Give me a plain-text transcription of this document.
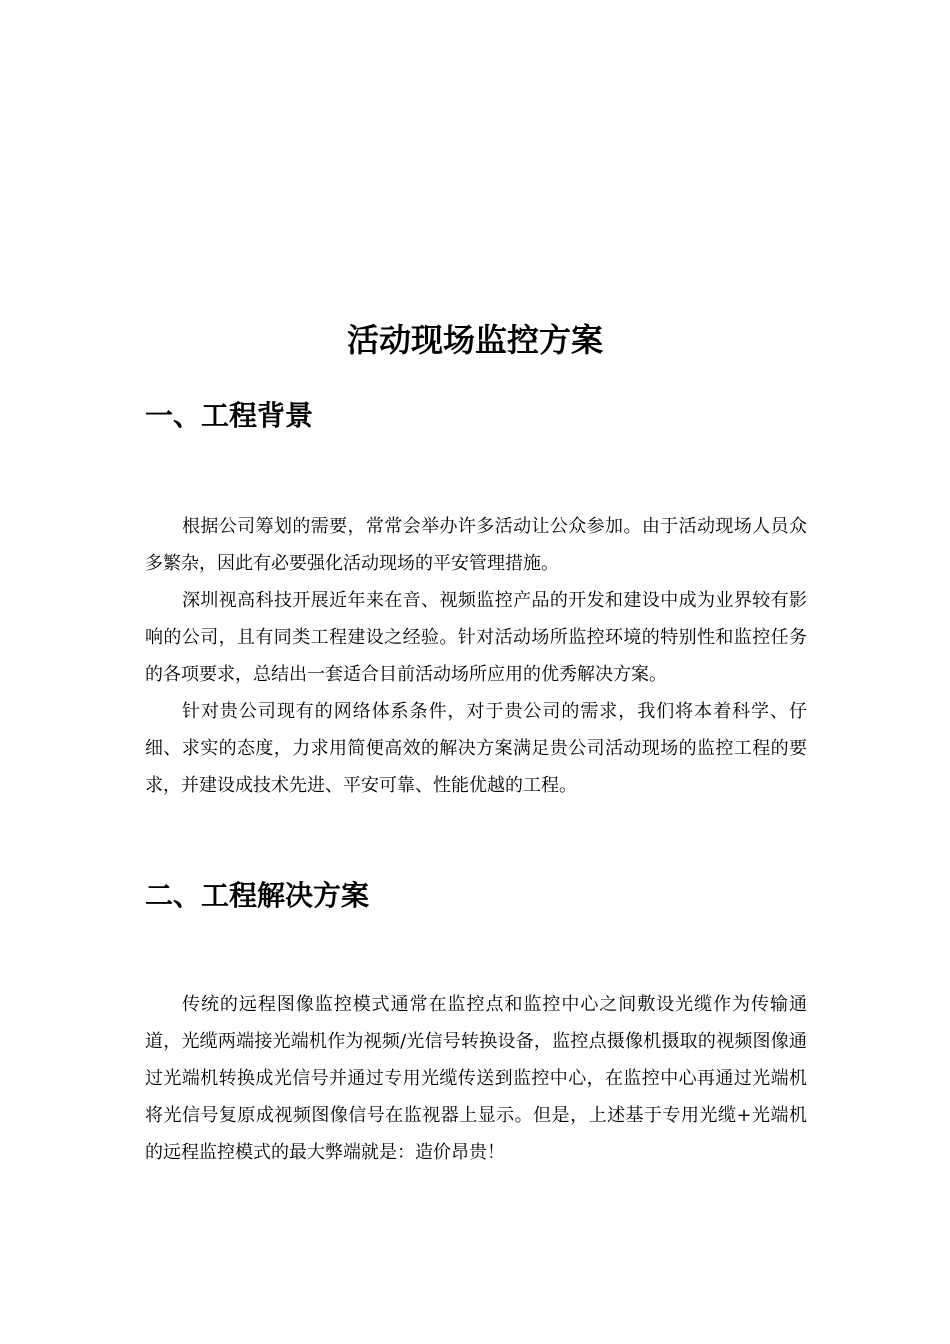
活动现场监控方案
一、工程背景

根据公司筹划的需要，常常会举办许多活动让公众参加。由于活动现场人员众多繁杂，因此有必要强化活动现场的平安管理措施。

深圳视高科技开展近年来在音、视频监控产品的开发和建设中成为业界较有影响的公司，且有同类工程建设之经验。针对活动场所监控环境的特别性和监控任务的各项要求，总结出一套适合目前活动场所应用的优秀解决方案。

针对贵公司现有的网络体系条件，对于贵公司的需求，我们将本着科学、仔细、求实的态度，力求用简便高效的解决方案满足贵公司活动现场的监控工程的要求，并建设成技术先进、平安可靠、性能优越的工程。

二、工程解决方案

传统的远程图像监控模式通常在监控点和监控中心之间敷设光缆作为传输通道，光缆两端接光端机作为视频/光信号转换设备，监控点摄像机摄取的视频图像通过光端机转换成光信号并通过专用光缆传送到监控中心，在监控中心再通过光端机将光信号复原成视频图像信号在监视器上显示。但是，上述基于专用光缆+光端机的远程监控模式的最大弊端就是：造价昂贵！
